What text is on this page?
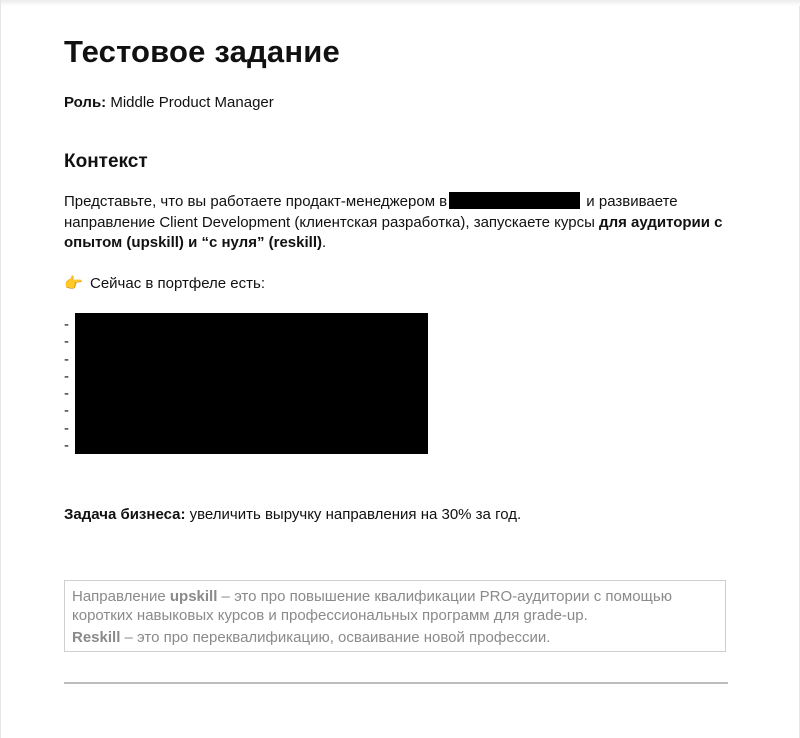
Тестовое задание
Роль: Middle Product Manager
Контекст
Представьте, что вы работаете продакт-менеджером в	и развиваете направление Client Development (клиентская разработка), запускаете курсы для аудитории с опытом (upskill) и “с нуля” (reskill).
👉 Сейчас в портфеле есть:
-
-
-
-
-
-
-
-
Задача бизнеса: увеличить выручку направления на 30% за год.

Направление upskill – это про повышение квалификации PRO-аудитории с помощью коротких навыковых курсов и профессиональных программ для grade-up.

Reskill – это про переквалификацию, осваивание новой профессии.
